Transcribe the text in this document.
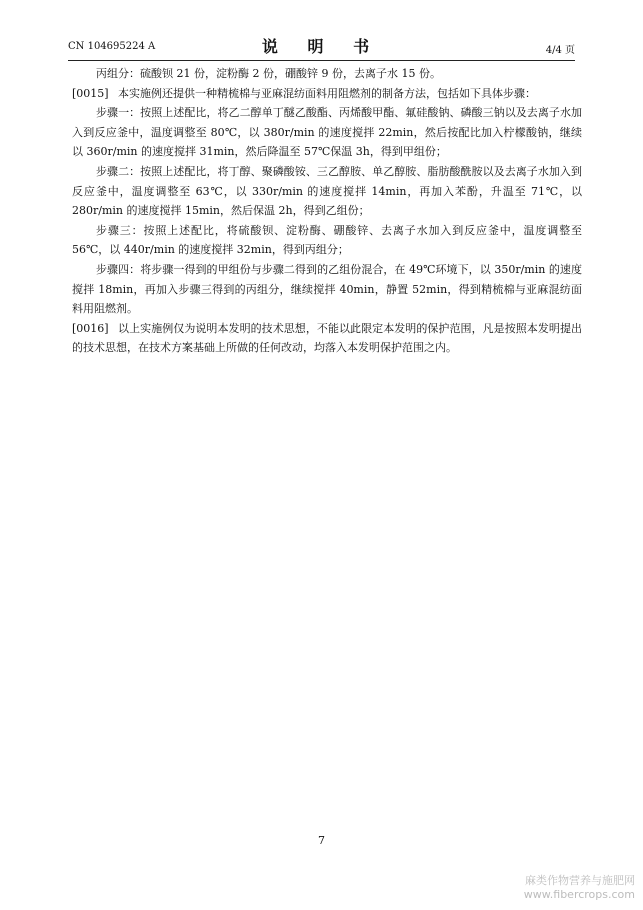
CN 104695224 A	说 明 书	4/4 页

丙组分：硫酸钡 21 份，淀粉酶 2 份，硼酸锌 9 份，去离子水 15 份。

[0015] 本实施例还提供一种精梳棉与亚麻混纺面料用阻燃剂的制备方法，包括如下具体步骤：

步骤一：按照上述配比，将乙二醇单丁醚乙酸酯、丙烯酸甲酯、氟硅酸钠、磷酸三钠以及去离子水加入到反应釜中，温度调整至 80℃，以 380r/min 的速度搅拌 22min，然后按配比加入柠檬酸钠，继续以 360r/min 的速度搅拌 31min，然后降温至 57℃保温 3h，得到甲组份；

步骤二：按照上述配比，将丁醇、聚磷酸铵、三乙醇胺、单乙醇胺、脂肪酸酰胺以及去离子水加入到反应釜中，温度调整至 63℃，以 330r/min 的速度搅拌 14min，再加入苯酚，升温至 71℃，以 280r/min 的速度搅拌 15min，然后保温 2h，得到乙组份；

步骤三：按照上述配比，将硫酸钡、淀粉酶、硼酸锌、去离子水加入到反应釜中，温度调整至 56℃，以 440r/min 的速度搅拌 32min，得到丙组分；

步骤四：将步骤一得到的甲组份与步骤二得到的乙组份混合，在 49℃环境下，以 350r/min 的速度搅拌 18min，再加入步骤三得到的丙组分，继续搅拌 40min，静置 52min，得到精梳棉与亚麻混纺面料用阻燃剂。

[0016] 以上实施例仅为说明本发明的技术思想，不能以此限定本发明的保护范围，凡是按照本发明提出的技术思想，在技术方案基础上所做的任何改动，均落入本发明保护范围之内。

7
麻类作物营养与施肥网
www.fibercrops.com
